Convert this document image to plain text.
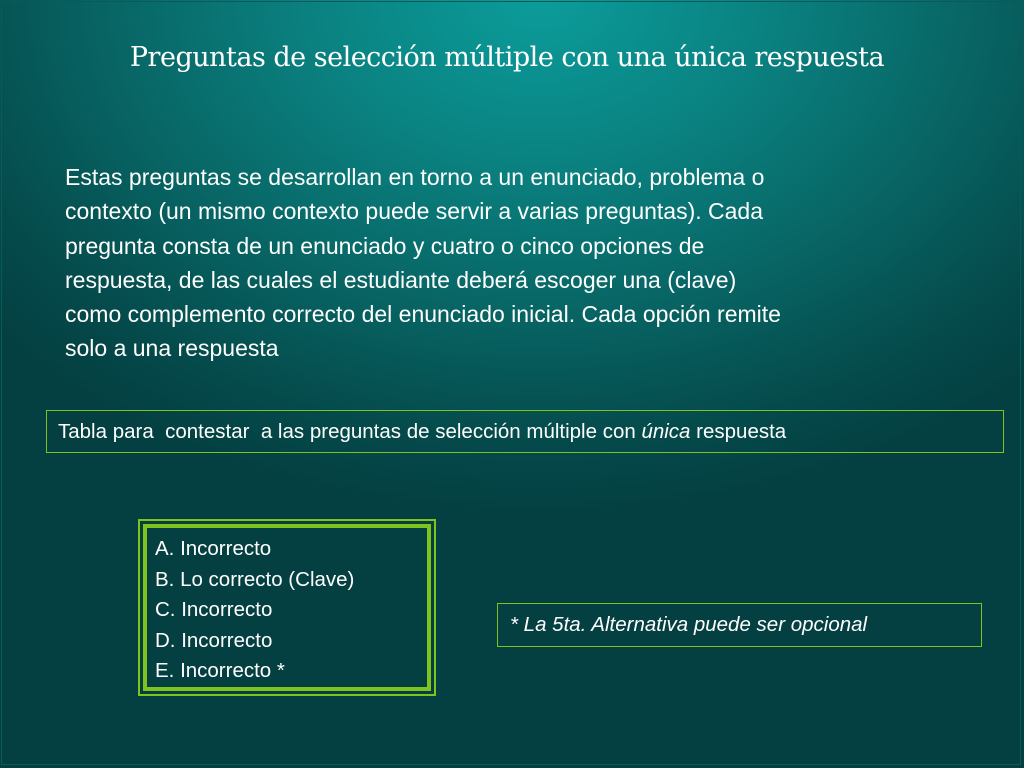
Preguntas de selección múltiple con una única respuesta
Estas preguntas se desarrollan en torno a un enunciado, problema o
contexto (un mismo contexto puede servir a varias preguntas). Cada
pregunta consta de un enunciado y cuatro o cinco opciones de
respuesta, de las cuales el estudiante deberá escoger una (clave)
como complemento correcto del enunciado inicial. Cada opción remite
solo a una respuesta
Tabla para  contestar  a las preguntas de selección múltiple con única respuesta
A. Incorrecto
B. Lo correcto (Clave)
C. Incorrecto
D. Incorrecto
E. Incorrecto *
* La 5ta. Alternativa puede ser opcional
